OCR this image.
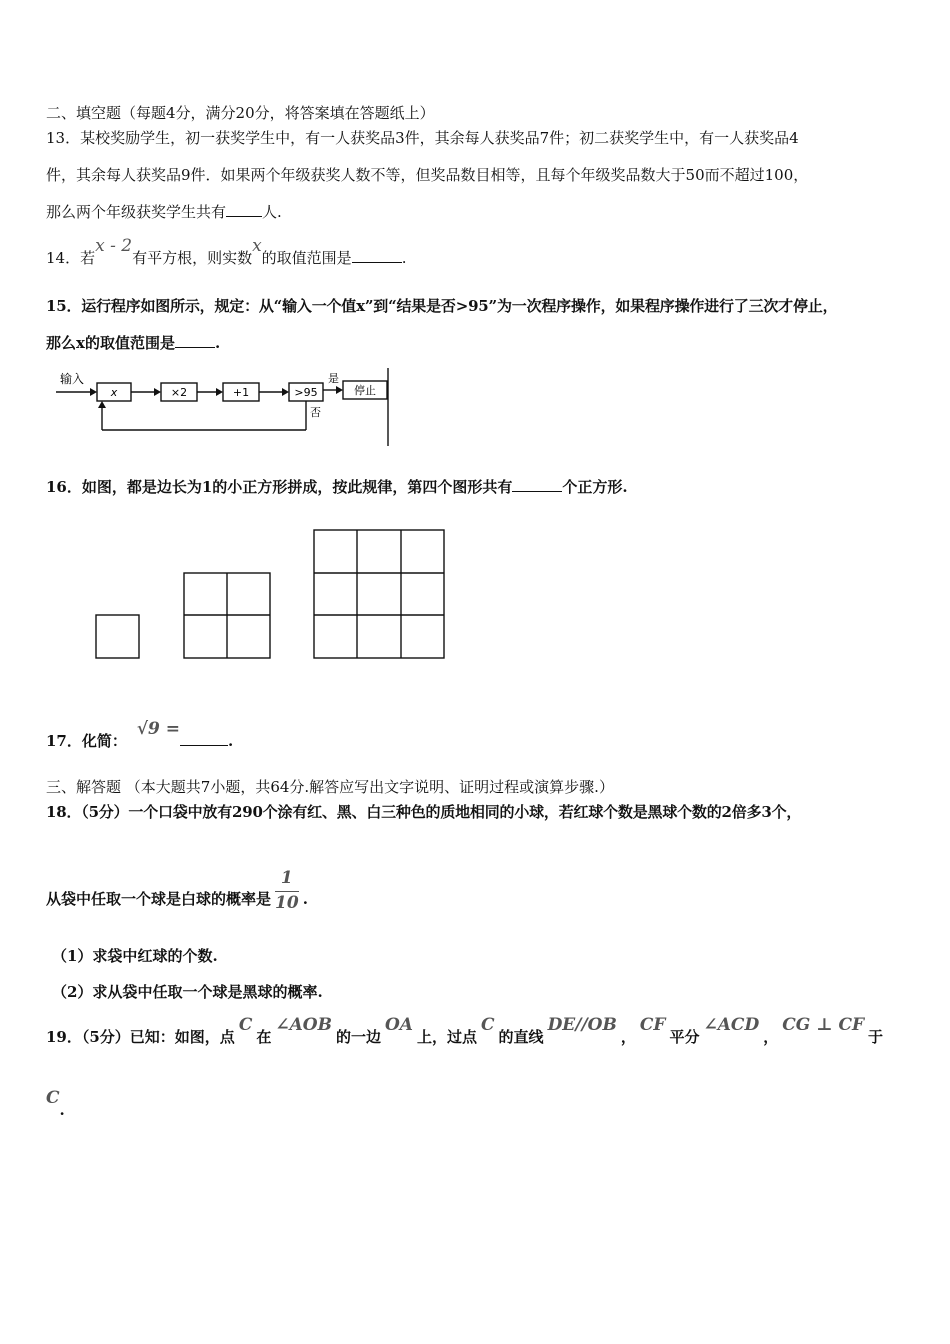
二、填空题（每题4分，满分20分，将答案填在答题纸上）
13．某校奖励学生，初一获奖学生中，有一人获奖品3件，其余每人获奖品7件；初二获奖学生中，有一人获奖品4
件，其余每人获奖品9件．如果两个年级获奖人数不等，但奖品数目相等，且每个年级奖品数大于50而不超过100，
那么两个年级获奖学生共有 人.
14．若x - 2有平方根，则实数x的取值范围是	.
15．运行程序如图所示，规定：从“输入一个值x”到“结果是否>95”为一次程序操作，如果程序操作进行了三次才停止，
那么x的取值范围是	.
输入
x	×2	+1	>95
是
停止
否
16．如图，都是边长为1的小正方形拼成，按此规律，第四个图形共有	个正方形.
17．化简：√9 =.
三、解答题 （本大题共7小题，共64分.解答应写出文字说明、证明过程或演算步骤.）
18．（5分）一个口袋中放有290个涂有红、黑、白三种色的质地相同的小球，若红球个数是黑球个数的2倍多3个，
从袋中任取一个球是白球的概率是 $\frac{1}{10}$ .
（1）求袋中红球的个数.
（2）求从袋中任取一个球是黑球的概率.
19．（5分）已知：如图，点C在∠AOB的一边OA上，过点C的直线DE//OB，CF平分∠ACD，CG ⊥ CF于
C.
